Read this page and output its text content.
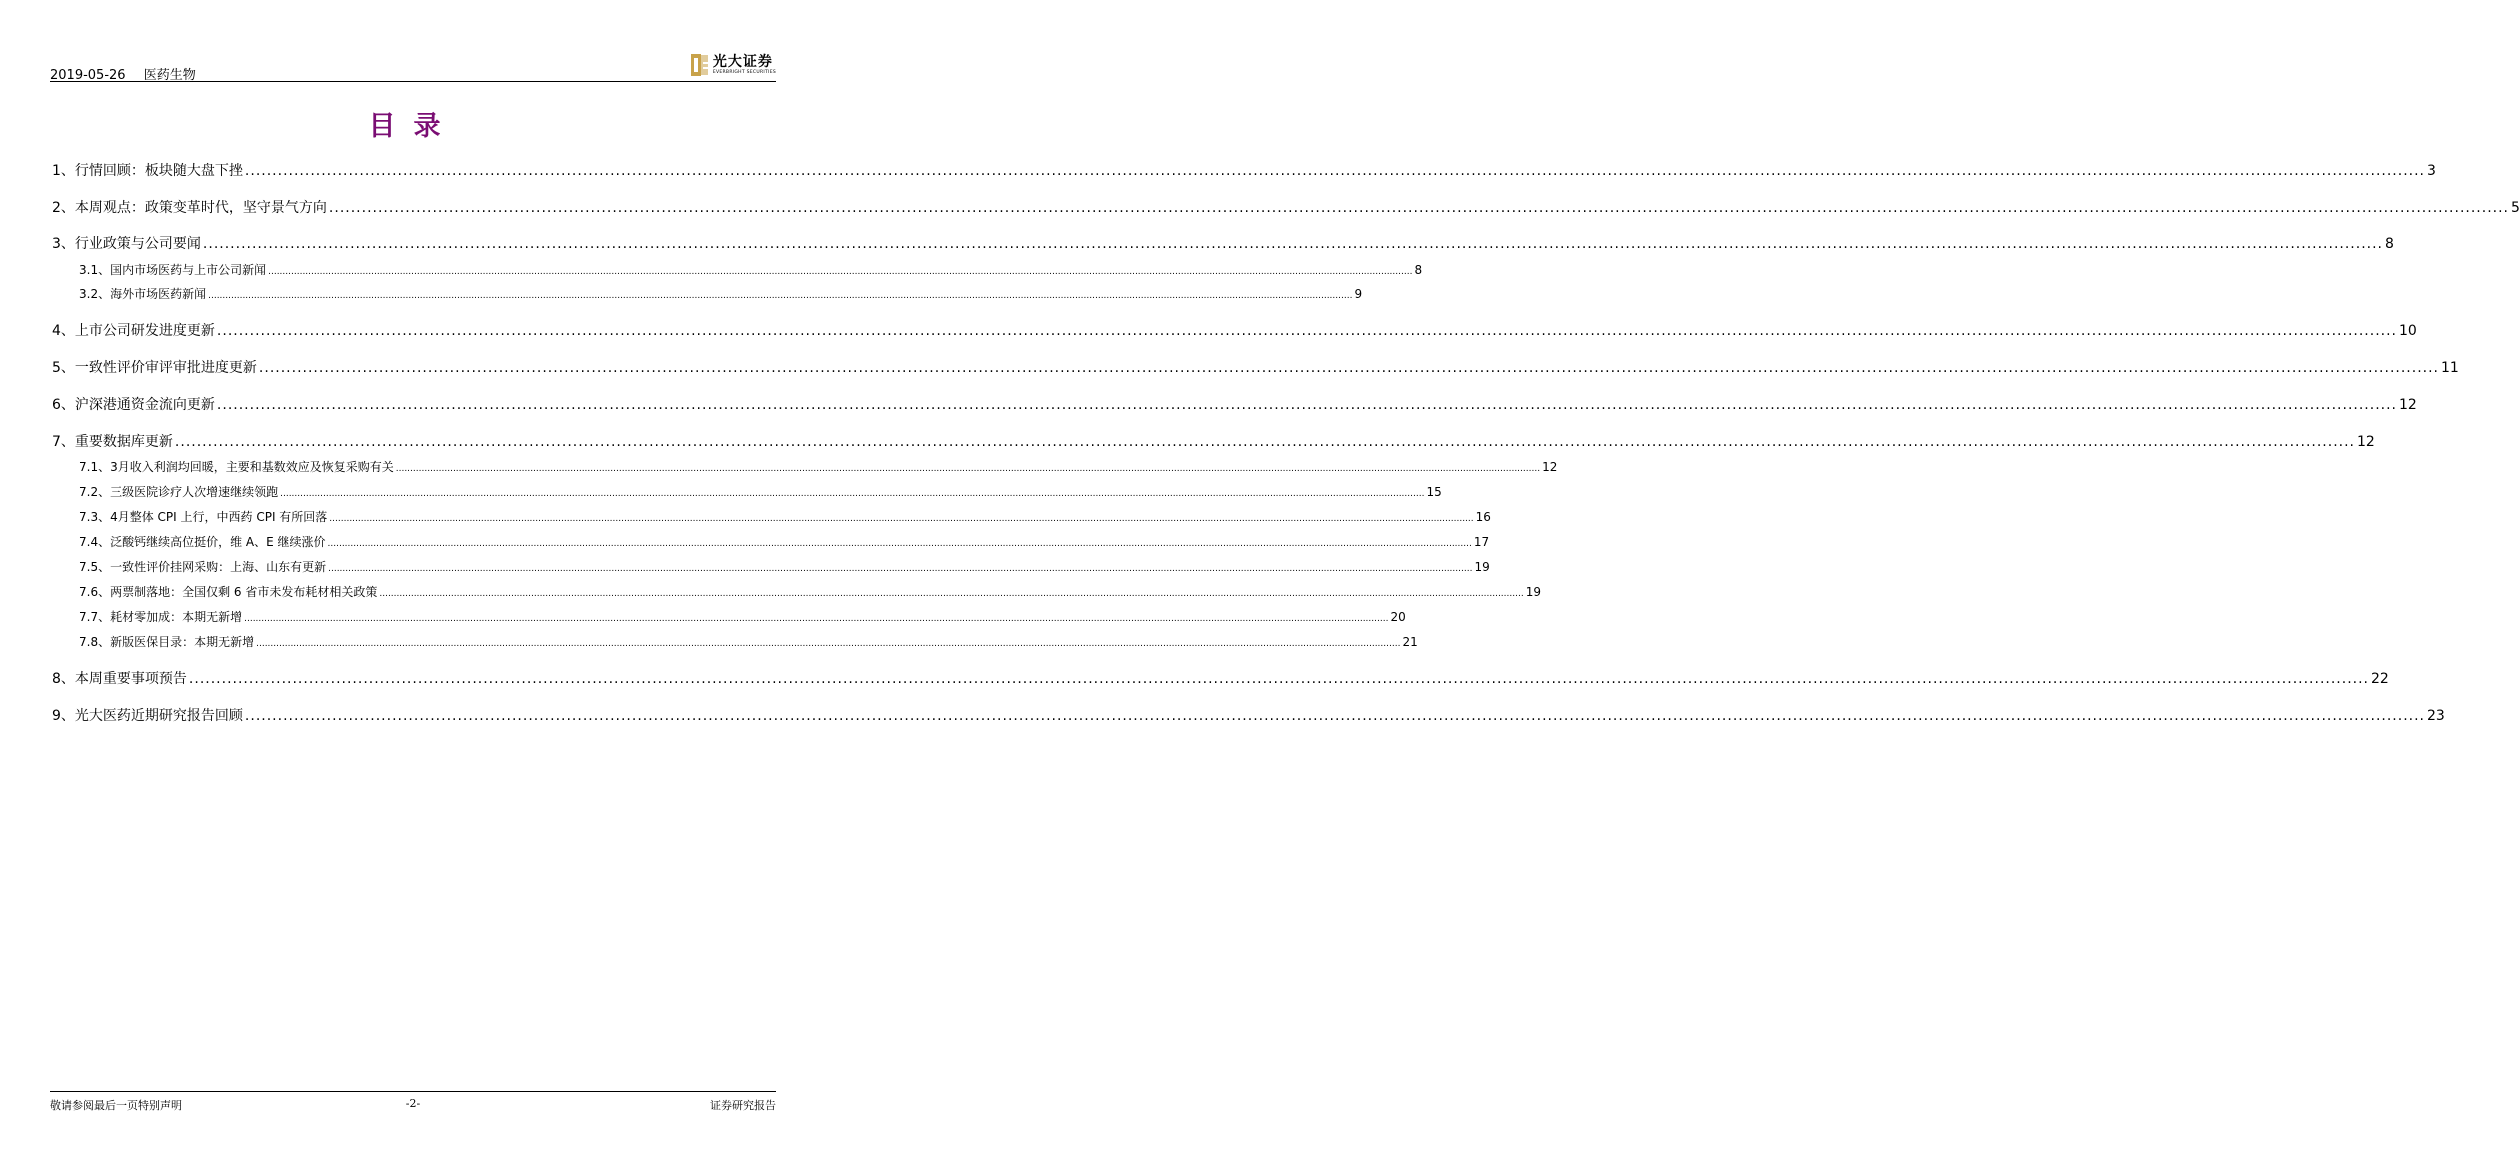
2019-05-26 医药生物
光大证券
EVERBRIGHT SECURITIES
目录
1、 行情回顾：板块随大盘下挫 ................................................................................................................................................................................................................................................................................................................................................................................................................ 3
2、 本周观点：政策变革时代，坚守景气方向 ................................................................................................................................................................................................................................................................................................................................................................................................................ 5
3、 行业政策与公司要闻 ................................................................................................................................................................................................................................................................................................................................................................................................................ 8
3.1、 国内市场医药与上市公司新闻 ................................................................................................................................................................................................................................................................................................................................................................................................................ 8
3.2、 海外市场医药新闻 ................................................................................................................................................................................................................................................................................................................................................................................................................ 9
4、 上市公司研发进度更新 ................................................................................................................................................................................................................................................................................................................................................................................................................ 10
5、 一致性评价审评审批进度更新 ................................................................................................................................................................................................................................................................................................................................................................................................................ 11
6、 沪深港通资金流向更新 ................................................................................................................................................................................................................................................................................................................................................................................................................ 12
7、 重要数据库更新 ................................................................................................................................................................................................................................................................................................................................................................................................................ 12
7.1、 3月收入利润均回暖，主要和基数效应及恢复采购有关 ................................................................................................................................................................................................................................................................................................................................................................................................................ 12
7.2、 三级医院诊疗人次增速继续领跑 ................................................................................................................................................................................................................................................................................................................................................................................................................ 15
7.3、 4月整体 CPI 上行，中西药 CPI 有所回落 ................................................................................................................................................................................................................................................................................................................................................................................................................ 16
7.4、 泛酸钙继续高位挺价，维 A、E 继续涨价 ................................................................................................................................................................................................................................................................................................................................................................................................................ 17
7.5、 一致性评价挂网采购：上海、山东有更新 ................................................................................................................................................................................................................................................................................................................................................................................................................ 19
7.6、 两票制落地：全国仅剩 6 省市未发布耗材相关政策 ................................................................................................................................................................................................................................................................................................................................................................................................................ 19
7.7、 耗材零加成：本期无新增 ................................................................................................................................................................................................................................................................................................................................................................................................................ 20
7.8、 新版医保目录：本期无新增 ................................................................................................................................................................................................................................................................................................................................................................................................................ 21
8、 本周重要事项预告 ................................................................................................................................................................................................................................................................................................................................................................................................................ 22
9、 光大医药近期研究报告回顾 ................................................................................................................................................................................................................................................................................................................................................................................................................ 23
敬请参阅最后一页特别声明	-2-	证券研究报告
